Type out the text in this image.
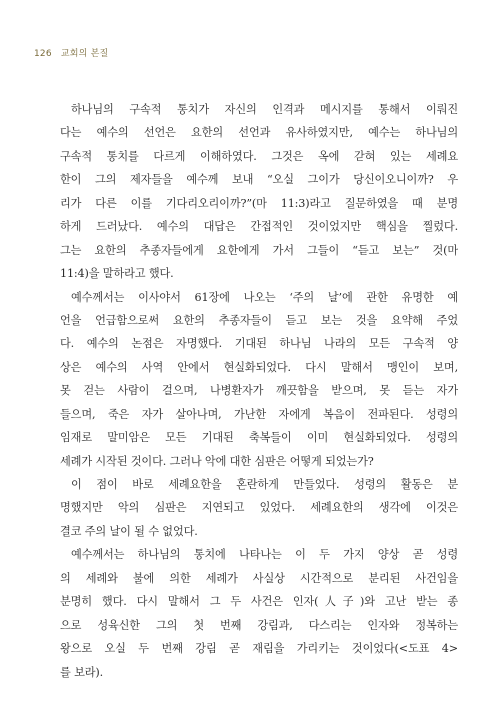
126 교회의 본질
하나님의 구속적 통치가 자신의 인격과 메시지를 통해서 이뤄진
다는 예수의 선언은 요한의 선언과 유사하였지만, 예수는 하나님의
구속적 통치를 다르게 이해하였다. 그것은 옥에 갇혀 있는 세례요
한이 그의 제자들을 예수께 보내 “오실 그이가 당신이오니이까? 우
리가 다른 이를 기다리오리이까?”(마 11:3)라고 질문하였을 때 분명
하게 드러났다. 예수의 대답은 간접적인 것이었지만 핵심을 찔렀다.
그는 요한의 추종자들에게 요한에게 가서 그들이 “듣고 보는” 것(마
11:4)을 말하라고 했다.
예수께서는 이사야서 61장에 나오는 ‘주의 날’에 관한 유명한 예
언을 언급함으로써 요한의 추종자들이 듣고 보는 것을 요약해 주었
다. 예수의 논점은 자명했다. 기대된 하나님 나라의 모든 구속적 양
상은 예수의 사역 안에서 현실화되었다. 다시 말해서 맹인이 보며,
못 걷는 사람이 걸으며, 나병환자가 깨끗함을 받으며, 못 듣는 자가
들으며, 죽은 자가 살아나며, 가난한 자에게 복음이 전파된다. 성령의
임재로 말미암은 모든 기대된 축복들이 이미 현실화되었다. 성령의
세례가 시작된 것이다. 그러나 악에 대한 심판은 어떻게 되었는가?
이 점이 바로 세례요한을 혼란하게 만들었다. 성령의 활동은 분
명했지만 악의 심판은 지연되고 있었다. 세례요한의 생각에 이것은
결코 주의 날이 될 수 없었다.
예수께서는 하나님의 통치에 나타나는 이 두 가지 양상 곧 성령
의 세례와 불에 의한 세례가 사실상 시간적으로 분리된 사건임을
분명히 했다. 다시 말해서 그 두 사건은 인자(人子)와 고난 받는 종
으로 성육신한 그의 첫 번째 강림과, 다스리는 인자와 정복하는
왕으로 오실 두 번째 강림 곧 재림을 가리키는 것이었다(<도표 4>
를 보라).
